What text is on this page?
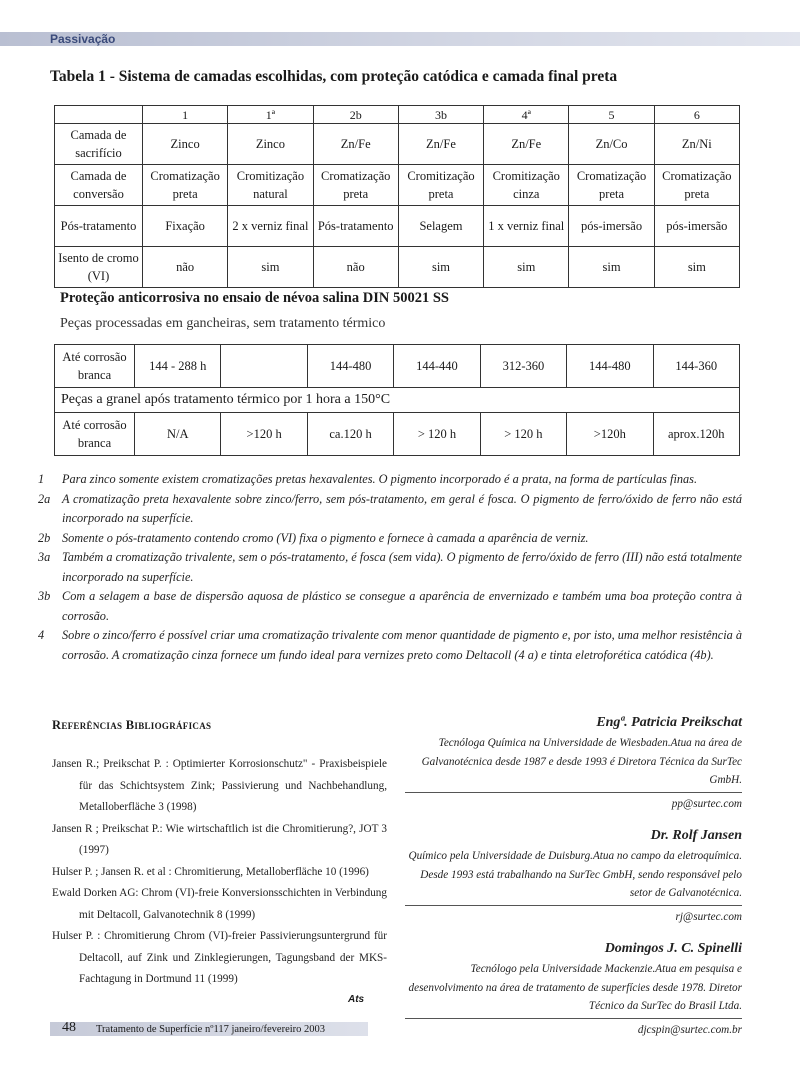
Passivação
Tabela 1 - Sistema de camadas escolhidas, com proteção catódica e camada final preta
	1	1ª	2b	3b	4ª	5	6
Camada de sacrifício	Zinco	Zinco	Zn/Fe	Zn/Fe	Zn/Fe	Zn/Co	Zn/Ni
Camada de conversão	Cromatização preta	Cromitização natural	Cromatização preta	Cromitização preta	Cromitização cinza	Cromatização preta	Cromatização preta
Pós-tratamento	Fixação	2 x verniz final	Pós-tratamento	Selagem	1 x verniz final	pós-imersão	pós-imersão
Isento de cromo (VI)	não	sim	não	sim	sim	sim	sim
Proteção anticorrosiva no ensaio de névoa salina DIN 50021 SS
Peças processadas em gancheiras, sem tratamento térmico
Até corrosão branca	144 - 288 h		144-480	144-440	312-360	144-480	144-360
Peças a granel após tratamento térmico por 1 hora a 150°C							
Até corrosão branca	N/A	>120 h	ca.120 h	> 120 h	> 120 h	>120h	aprox.120h
1	Para zinco somente existem cromatizações pretas hexavalentes. O pigmento incorporado é a prata, na forma de partículas finas.
2a A cromatização preta hexavalente sobre zinco/ferro, sem pós-tratamento, em geral é fosca. O pigmento de ferro/óxido de ferro não está incorporado na superfície.
2b Somente o pós-tratamento contendo cromo (VI) fixa o pigmento e fornece à camada a aparência de verniz.
3a Também a cromatização trivalente, sem o pós-tratamento, é fosca (sem vida). O pigmento de ferro/óxido de ferro (III) não está totalmente incorporado na superfície.
3b Com a selagem a base de dispersão aquosa de plástico se consegue a aparência de envernizado e também uma boa proteção contra à corrosão.
4	Sobre o zinco/ferro é possível criar uma cromatização trivalente com menor quantidade de pigmento e, por isto, uma melhor resistência à corrosão. A cromatização cinza fornece um fundo ideal para vernizes preto como Deltacoll (4 a) e tinta eletroforética catódica (4b).
Referências Bibliográficas
Jansen R.; Preikschat P. : Optimierter Korrosionschutz" - Praxisbeispiele für das Schichtsystem Zink; Passivierung und Nachbehandlung, Metalloberfläche 3 (1998)
Jansen R ; Preikschat P.: Wie wirtschaftlich ist die Chromitierung?, JOT 3 (1997)
Hulser P. ; Jansen R. et al : Chromitierung, Metalloberfläche 10 (1996)
Ewald Dorken AG: Chrom (VI)-freie Konversionsschichten in Verbindung mit Deltacoll, Galvanotechnik 8 (1999)
Hulser P. : Chromitierung Chrom (VI)-freier Passivierungsuntergrund für Deltacoll, auf Zink und Zinklegierungen, Tagungsband der MKS-Fachtagung in Dortmund 11 (1999)
Ats
Engª. Patricia Preikschat
Tecnóloga Química na Universidade de Wiesbaden.Atua na área de Galvanotécnica desde 1987 e desde 1993 é Diretora Técnica da SurTec GmbH.
pp@surtec.com
Dr. Rolf Jansen
Químico pela Universidade de Duisburg.Atua no campo da eletroquímica. Desde 1993 está trabalhando na SurTec GmbH, sendo responsável pelo setor de Galvanotécnica.
rj@surtec.com
Domingos J. C. Spinelli
Tecnólogo pela Universidade Mackenzie.Atua em pesquisa e desenvolvimento na área de tratamento de superfícies desde 1978. Diretor Técnico da SurTec do Brasil Ltda.
djcspin@surtec.com.br
48 Tratamento de Superfície nº117 janeiro/fevereiro 2003
